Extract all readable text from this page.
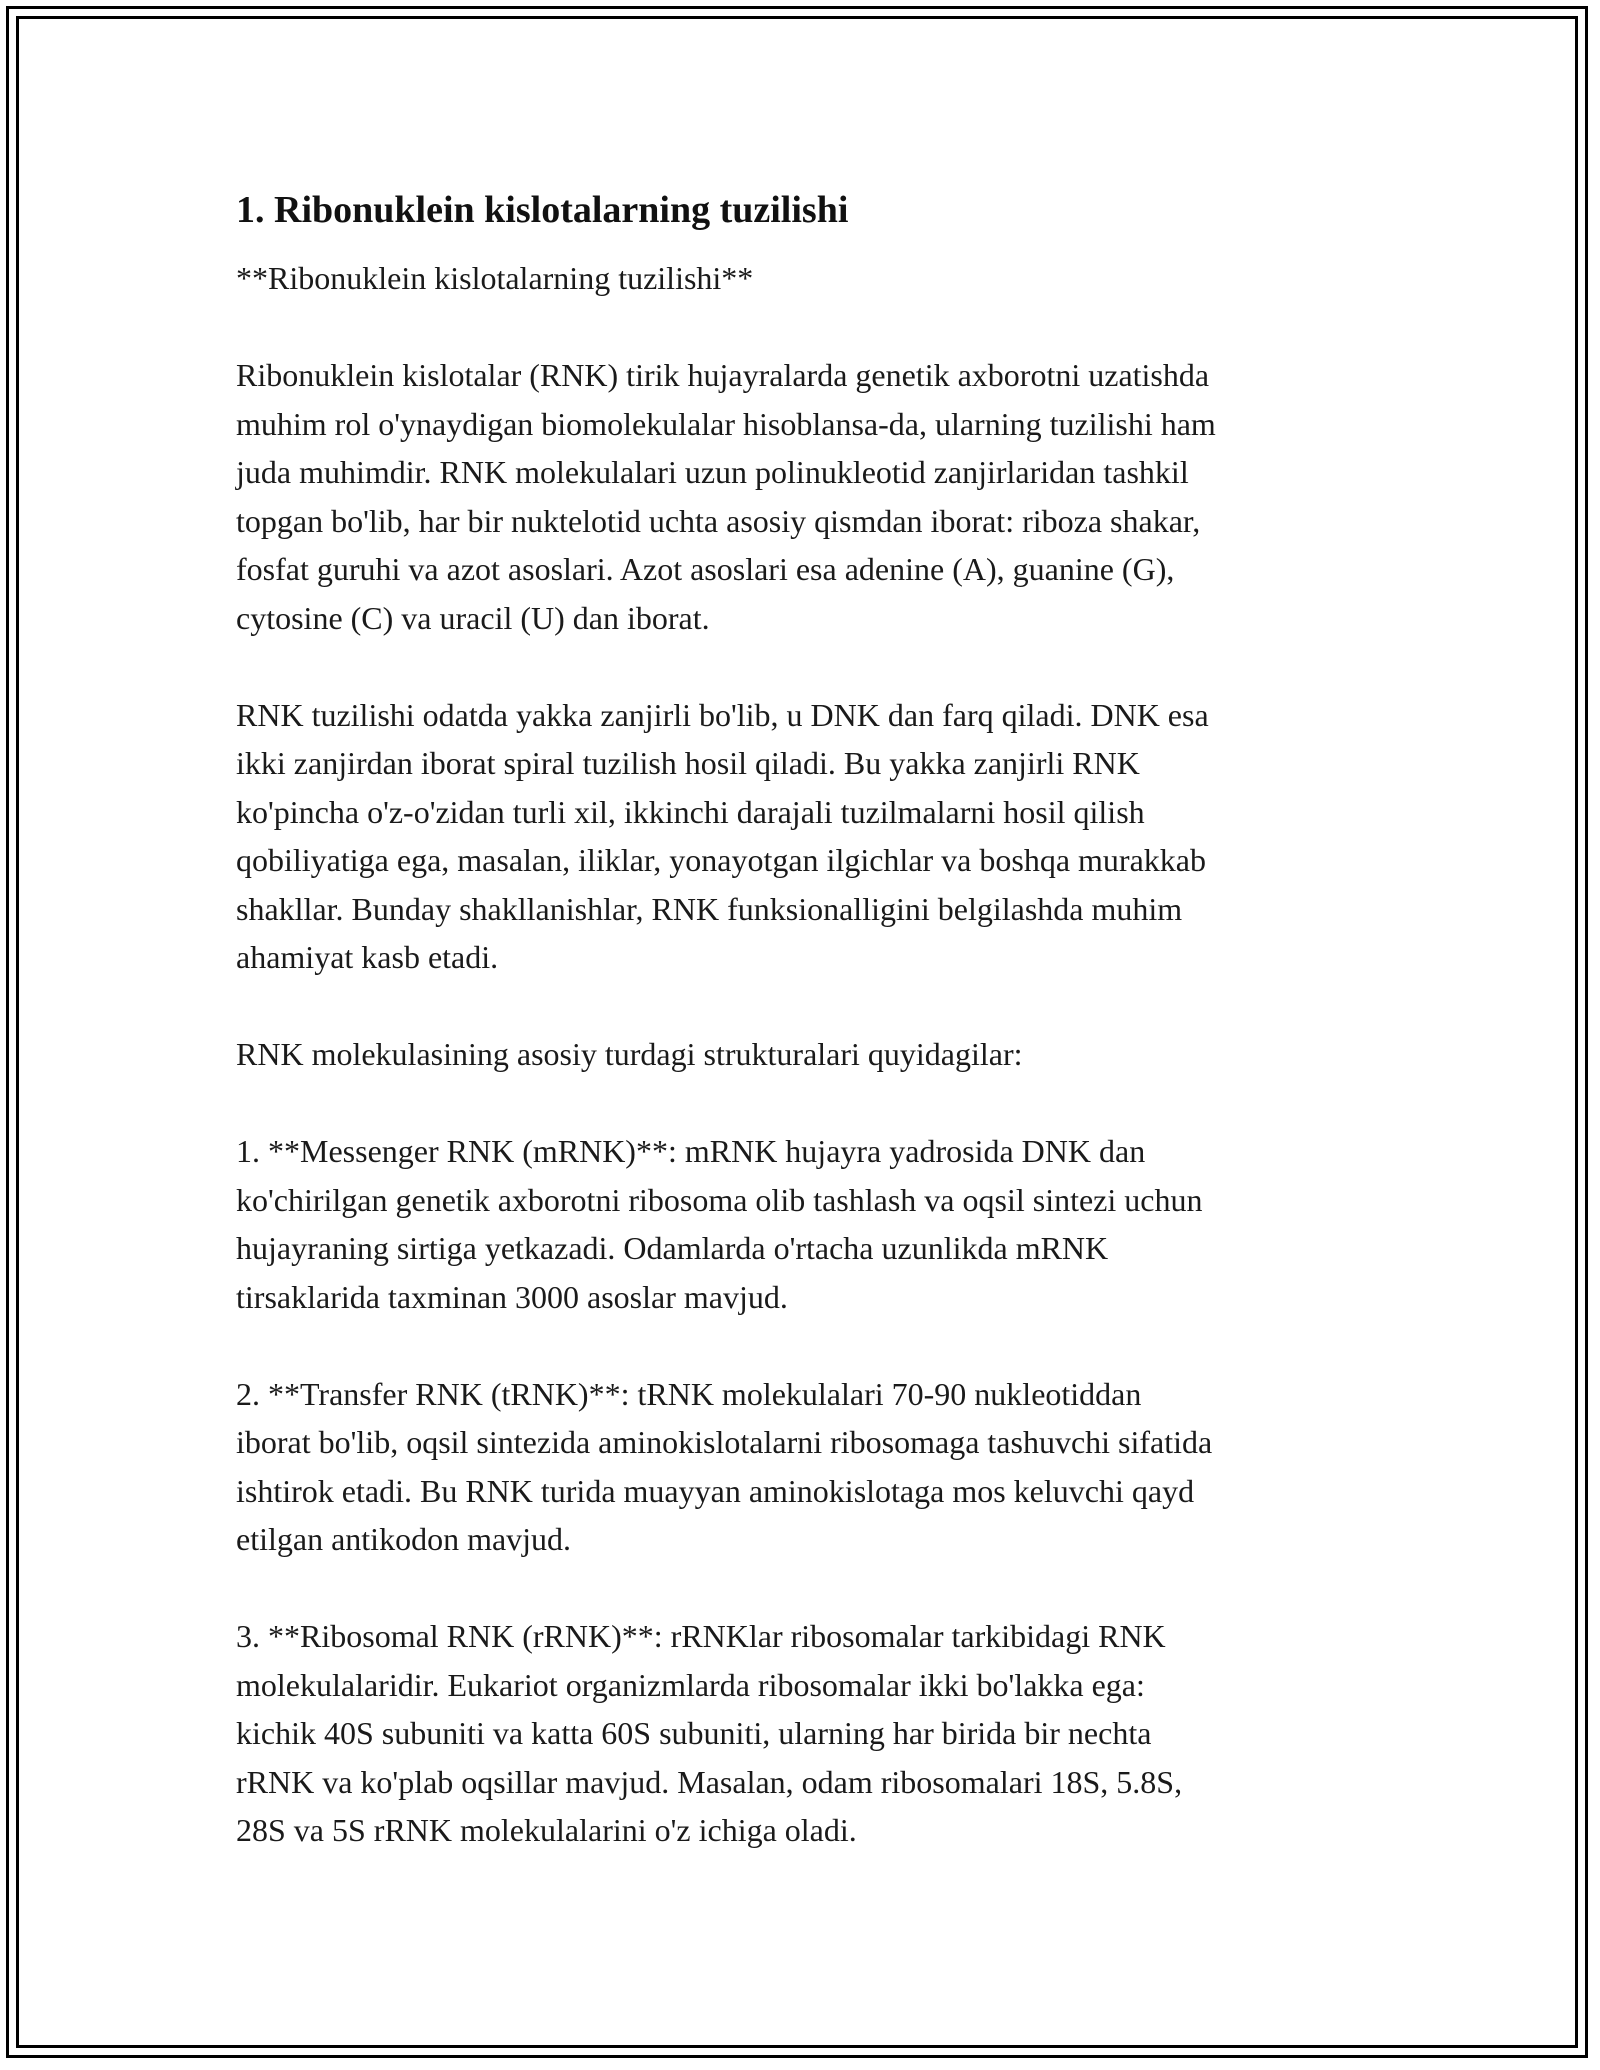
1. Ribonuklein kislotalarning tuzilishi

**Ribonuklein kislotalarning tuzilishi**

Ribonuklein kislotalar (RNK) tirik hujayralarda genetik axborotni uzatishda
muhim rol o'ynaydigan biomolekulalar hisoblansa-da, ularning tuzilishi ham
juda muhimdir. RNK molekulalari uzun polinukleotid zanjirlaridan tashkil
topgan bo'lib, har bir nuktelotid uchta asosiy qismdan iborat: riboza shakar,
fosfat guruhi va azot asoslari. Azot asoslari esa adenine (A), guanine (G),
cytosine (C) va uracil (U) dan iborat.

RNK tuzilishi odatda yakka zanjirli bo'lib, u DNK dan farq qiladi. DNK esa
ikki zanjirdan iborat spiral tuzilish hosil qiladi. Bu yakka zanjirli RNK
ko'pincha o'z-o'zidan turli xil, ikkinchi darajali tuzilmalarni hosil qilish
qobiliyatiga ega, masalan, iliklar, yonayotgan ilgichlar va boshqa murakkab
shakllar. Bunday shakllanishlar, RNK funksionalligini belgilashda muhim
ahamiyat kasb etadi.

RNK molekulasining asosiy turdagi strukturalari quyidagilar:

1. **Messenger RNK (mRNK)**: mRNK hujayra yadrosida DNK dan
ko'chirilgan genetik axborotni ribosoma olib tashlash va oqsil sintezi uchun
hujayraning sirtiga yetkazadi. Odamlarda o'rtacha uzunlikda mRNK
tirsaklarida taxminan 3000 asoslar mavjud.

2. **Transfer RNK (tRNK)**: tRNK molekulalari 70-90 nukleotiddan
iborat bo'lib, oqsil sintezida aminokislotalarni ribosomaga tashuvchi sifatida
ishtirok etadi. Bu RNK turida muayyan aminokislotaga mos keluvchi qayd
etilgan antikodon mavjud.

3. **Ribosomal RNK (rRNK)**: rRNKlar ribosomalar tarkibidagi RNK
molekulalaridir. Eukariot organizmlarda ribosomalar ikki bo'lakka ega:
kichik 40S subuniti va katta 60S subuniti, ularning har birida bir nechta
rRNK va ko'plab oqsillar mavjud. Masalan, odam ribosomalari 18S, 5.8S,
28S va 5S rRNK molekulalarini o'z ichiga oladi.
